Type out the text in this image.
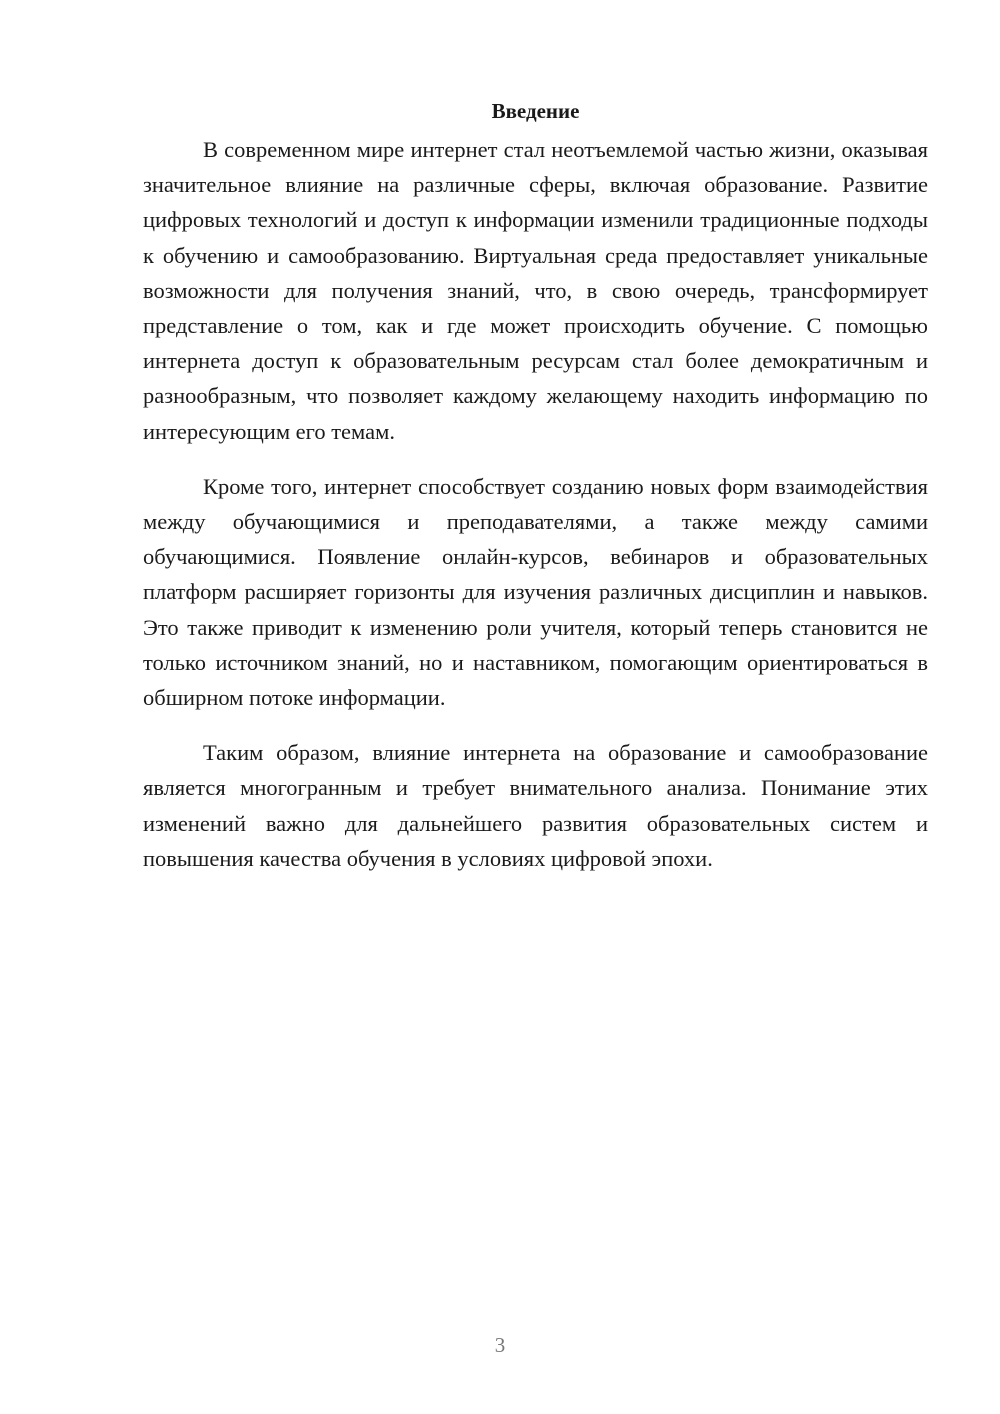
Введение

В современном мире интернет стал неотъемлемой частью жизни, оказывая значительное влияние на различные сферы, включая образование. Развитие цифровых технологий и доступ к информации изменили традиционные подходы к обучению и самообразованию. Виртуальная среда предоставляет уникальные возможности для получения знаний, что, в свою очередь, трансформирует представление о том, как и где может происходить обучение. С помощью интернета доступ к образовательным ресурсам стал более демократичным и разнообразным, что позволяет каждому желающему находить информацию по интересующим его темам.

Кроме того, интернет способствует созданию новых форм взаимодействия между обучающимися и преподавателями, а также между самими обучающимися. Появление онлайн-курсов, вебинаров и образовательных платформ расширяет горизонты для изучения различных дисциплин и навыков. Это также приводит к изменению роли учителя, который теперь становится не только источником знаний, но и наставником, помогающим ориентироваться в обширном потоке информации.

Таким образом, влияние интернета на образование и самообразование является многогранным и требует внимательного анализа. Понимание этих изменений важно для дальнейшего развития образовательных систем и повышения качества обучения в условиях цифровой эпохи.

3
